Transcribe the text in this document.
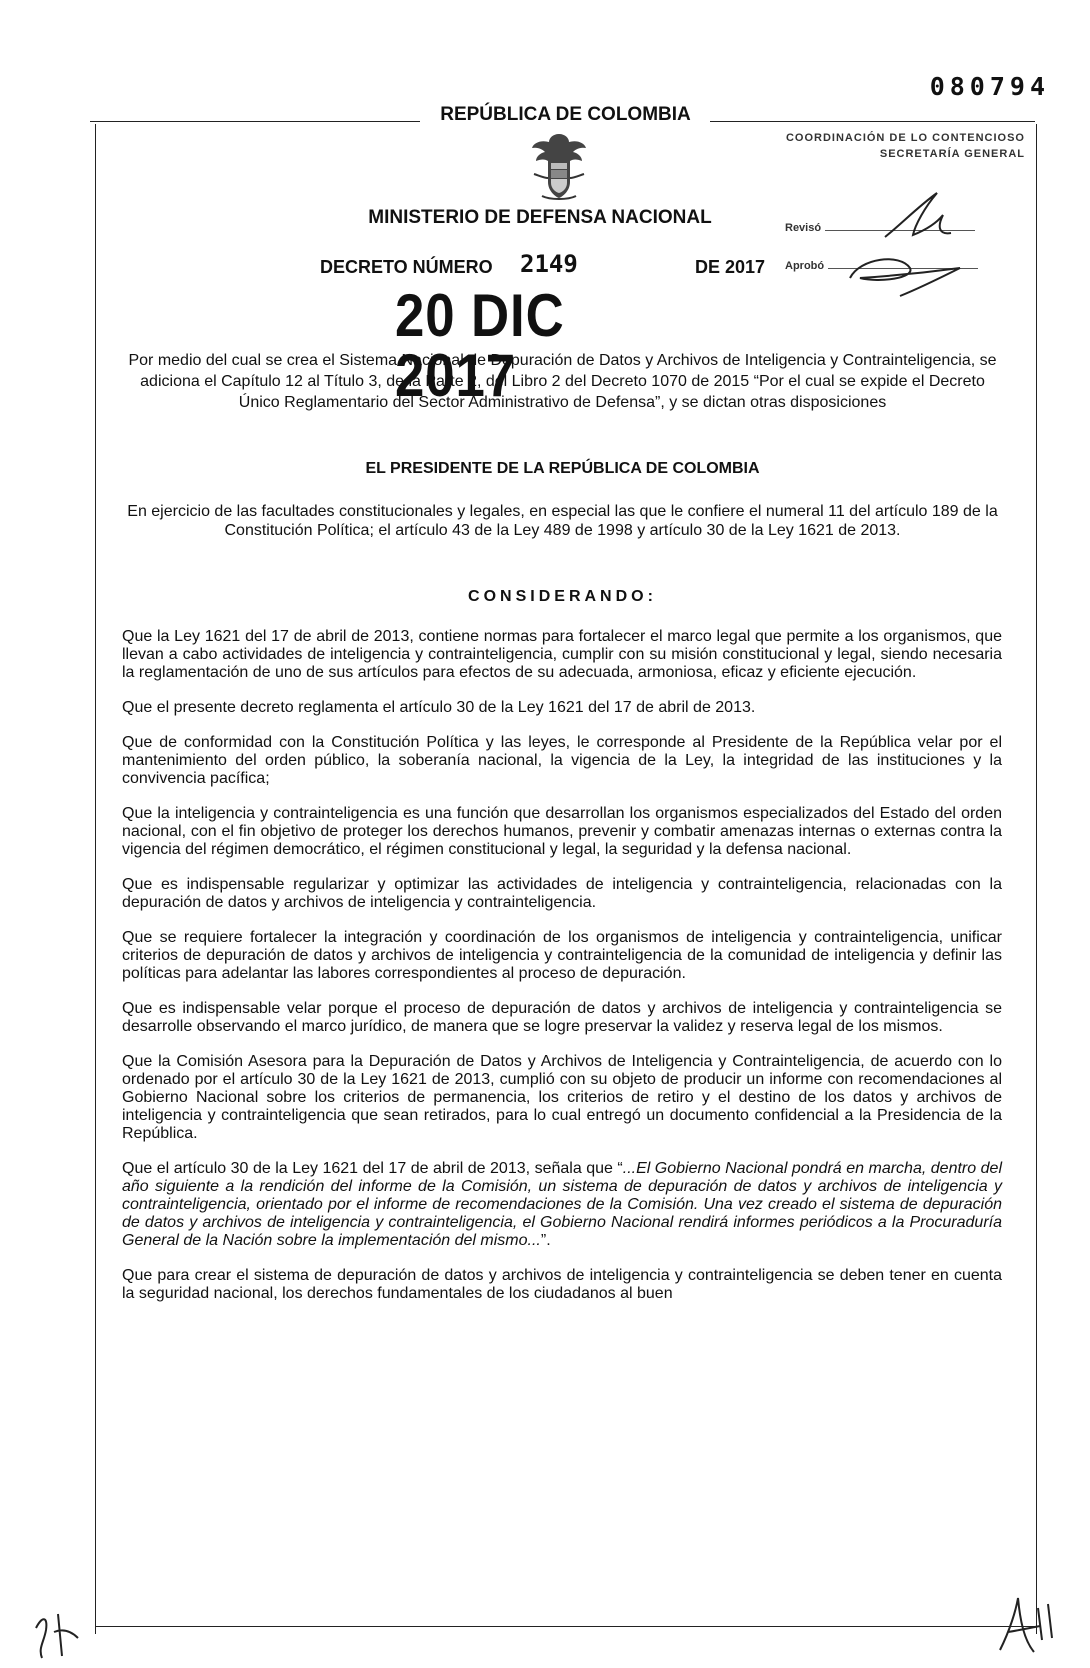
080794
REPÚBLICA DE COLOMBIA
MINISTERIO DE DEFENSA NACIONAL
DECRETO NÚMERO 2149	DE 2017
20 DIC 2017
COORDINACIÓN DE LO CONTENCIOSO
SECRETARÍA GENERAL
Revisó
Aprobó
Por medio del cual se crea el Sistema Nacional de Depuración de Datos y Archivos de Inteligencia y Contrainteligencia, se adiciona el Capítulo 12 al Título 3, de la Parte 2, del Libro 2 del Decreto 1070 de 2015 “Por el cual se expide el Decreto Único Reglamentario del Sector Administrativo de Defensa”, y se dictan otras disposiciones
EL PRESIDENTE DE LA REPÚBLICA DE COLOMBIA
En ejercicio de las facultades constitucionales y legales, en especial las que le confiere el numeral 11 del artículo 189 de la Constitución Política; el artículo 43 de la Ley 489 de 1998 y artículo 30 de la Ley 1621 de 2013.
CONSIDERANDO:

Que la Ley 1621 del 17 de abril de 2013, contiene normas para fortalecer el marco legal que permite a los organismos, que llevan a cabo actividades de inteligencia y contrainteligencia, cumplir con su misión constitucional y legal, siendo necesaria la reglamentación de uno de sus artículos para efectos de su adecuada, armoniosa, eficaz y eficiente ejecución.

Que el presente decreto reglamenta el artículo 30 de la Ley 1621 del 17 de abril de 2013.

Que de conformidad con la Constitución Política y las leyes, le corresponde al Presidente de la República velar por el mantenimiento del orden público, la soberanía nacional, la vigencia de la Ley, la integridad de las instituciones y la convivencia pacífica;

Que la inteligencia y contrainteligencia es una función que desarrollan los organismos especializados del Estado del orden nacional, con el fin objetivo de proteger los derechos humanos, prevenir y combatir amenazas internas o externas contra la vigencia del régimen democrático, el régimen constitucional y legal, la seguridad y la defensa nacional.

Que es indispensable regularizar y optimizar las actividades de inteligencia y contrainteligencia, relacionadas con la depuración de datos y archivos de inteligencia y contrainteligencia.

Que se requiere fortalecer la integración y coordinación de los organismos de inteligencia y contrainteligencia, unificar criterios de depuración de datos y archivos de inteligencia y contrainteligencia de la comunidad de inteligencia y definir las políticas para adelantar las labores correspondientes al proceso de depuración.

Que es indispensable velar porque el proceso de depuración de datos y archivos de inteligencia y contrainteligencia se desarrolle observando el marco jurídico, de manera que se logre preservar la validez y reserva legal de los mismos.

Que la Comisión Asesora para la Depuración de Datos y Archivos de Inteligencia y Contrainteligencia, de acuerdo con lo ordenado por el artículo 30 de la Ley 1621 de 2013, cumplió con su objeto de producir un informe con recomendaciones al Gobierno Nacional sobre los criterios de permanencia, los criterios de retiro y el destino de los datos y archivos de inteligencia y contrainteligencia que sean retirados, para lo cual entregó un documento confidencial a la Presidencia de la República.

Que el artículo 30 de la Ley 1621 del 17 de abril de 2013, señala que “...El Gobierno Nacional pondrá en marcha, dentro del año siguiente a la rendición del informe de la Comisión, un sistema de depuración de datos y archivos de inteligencia y contrainteligencia, orientado por el informe de recomendaciones de la Comisión. Una vez creado el sistema de depuración de datos y archivos de inteligencia y contrainteligencia, el Gobierno Nacional rendirá informes periódicos a la Procuraduría General de la Nación sobre la implementación del mismo...”.

Que para crear el sistema de depuración de datos y archivos de inteligencia y contrainteligencia se deben tener en cuenta la seguridad nacional, los derechos fundamentales de los ciudadanos al buen
